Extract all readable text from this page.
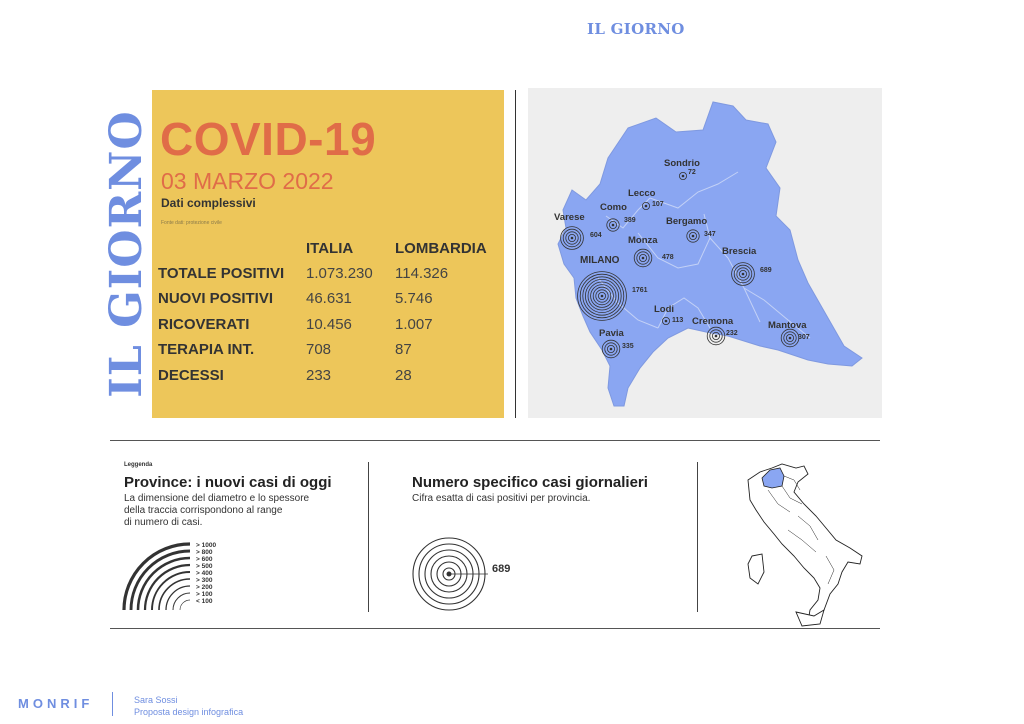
IL GIORNO
IL GIORNO COVID-19
03 MARZO 2022
Dati complessivi
Fonte dati: protezione civile
ITALIA	LOMBARDIA
TOTALE POSITIVI 1.073.230 114.326
NUOVI POSITIVI 46.631	5.746
RICOVERATI	10.456	1.007
TERAPIA INT.	708	87
DECESSI	233	28
Sondrio
72
Lecco
107
Como
389	Bergamo
347
Varese
604	Monza
478
Brescia
689
MILANO
1761
Lodi
113 Cremona
232
Mantova
307
Pavia
335
Leggenda
Province: i nuovi casi di oggi
La dimensione del diametro e lo spessore
della traccia corrispondono al range
di numero di casi.
> 1000
> 800
> 600
> 500
> 400
> 300
> 200
> 100
< 100
Numero specifico casi giornalieri
Cifra esatta di casi positivi per provincia.
689
MONRIF	Sara Sossi
Proposta design infografica
